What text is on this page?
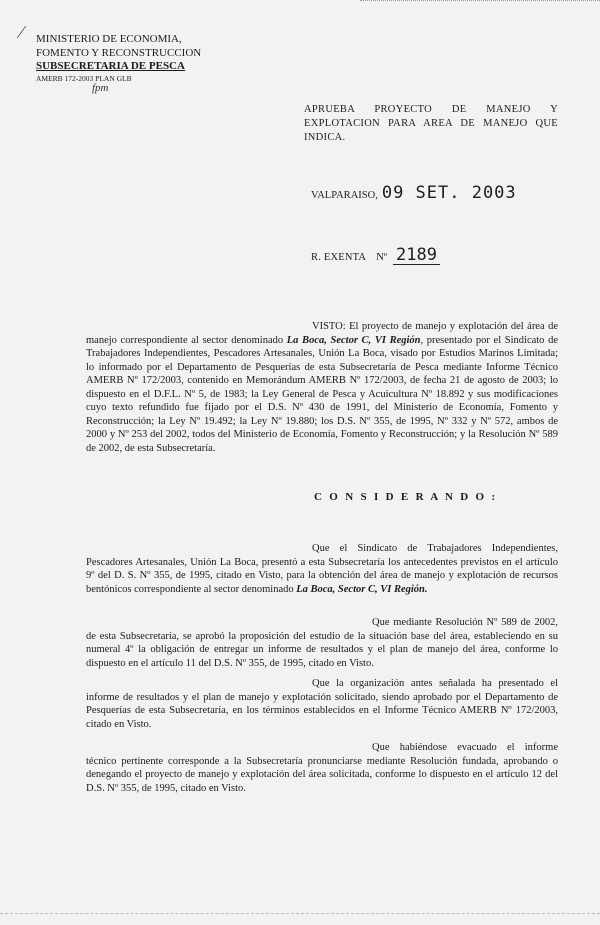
⁄ MINISTERIO DE ECONOMIA,
FOMENTO Y RECONSTRUCCION
SUBSECRETARIA DE PESCA
AMERB 172-2003 PLAN GLB
fpm
APRUEBA PROYECTO DE MANEJO Y EXPLOTACION PARA AREA DE MANEJO QUE INDICA.
VALPARAISO, 09 SET. 2003
R. EXENTA Nº 2189
VISTO: El proyecto de manejo y explotación del área de manejo correspondiente al sector denominado La Boca, Sector C, VI Región, presentado por el Sindicato de Trabajadores Independientes, Pescadores Artesanales, Unión La Boca, visado por Estudios Marinos Limitada; lo informado por el Departamento de Pesquerías de esta Subsecretaría de Pesca mediante Informe Técnico AMERB Nº 172/2003, contenido en Memorándum AMERB Nº 172/2003, de fecha 21 de agosto de 2003; lo dispuesto en el D.F.L. Nº 5, de 1983; la Ley General de Pesca y Acuicultura Nº 18.892 y sus modificaciones cuyo texto refundido fue fijado por el D.S. Nº 430 de 1991, del Ministerio de Economía, Fomento y Reconstrucción; la Ley Nº 19.492; la Ley Nº 19.880; los D.S. Nº 355, de 1995, Nº 332 y Nº 572, ambos de 2000 y Nº 253 del 2002, todos del Ministerio de Economía, Fomento y Reconstrucción; y la Resolución Nº 589 de 2002, de esta Subsecretaría.
C O N S I D E R A N D O :
Que el Sindicato de Trabajadores Independientes, Pescadores Artesanales, Unión La Boca, presentó a esta Subsecretaría los antecedentes previstos en el artículo 9º del D. S. Nº 355, de 1995, citado en Visto, para la obtención del área de manejo y explotación de recursos bentónicos correspondiente al sector denominado La Boca, Sector C, VI Región.
Que mediante Resolución Nº 589 de 2002, de esta Subsecretaría, se aprobó la proposición del estudio de la situación base del área, estableciendo en su numeral 4º la obligación de entregar un informe de resultados y el plan de manejo del área, conforme lo dispuesto en el artículo 11 del D.S. Nº 355, de 1995, citado en Visto.
Que la organización antes señalada ha presentado el informe de resultados y el plan de manejo y explotación solicitado, siendo aprobado por el Departamento de Pesquerías de esta Subsecretaría, en los términos establecidos en el Informe Técnico AMERB Nº 172/2003, citado en Visto.
Que habiéndose evacuado el informe técnico pertinente corresponde a la Subsecretaría pronunciarse mediante Resolución fundada, aprobando o denegando el proyecto de manejo y explotación del área solicitada, conforme lo dispuesto en el artículo 12 del D.S. Nº 355, de 1995, citado en Visto.
